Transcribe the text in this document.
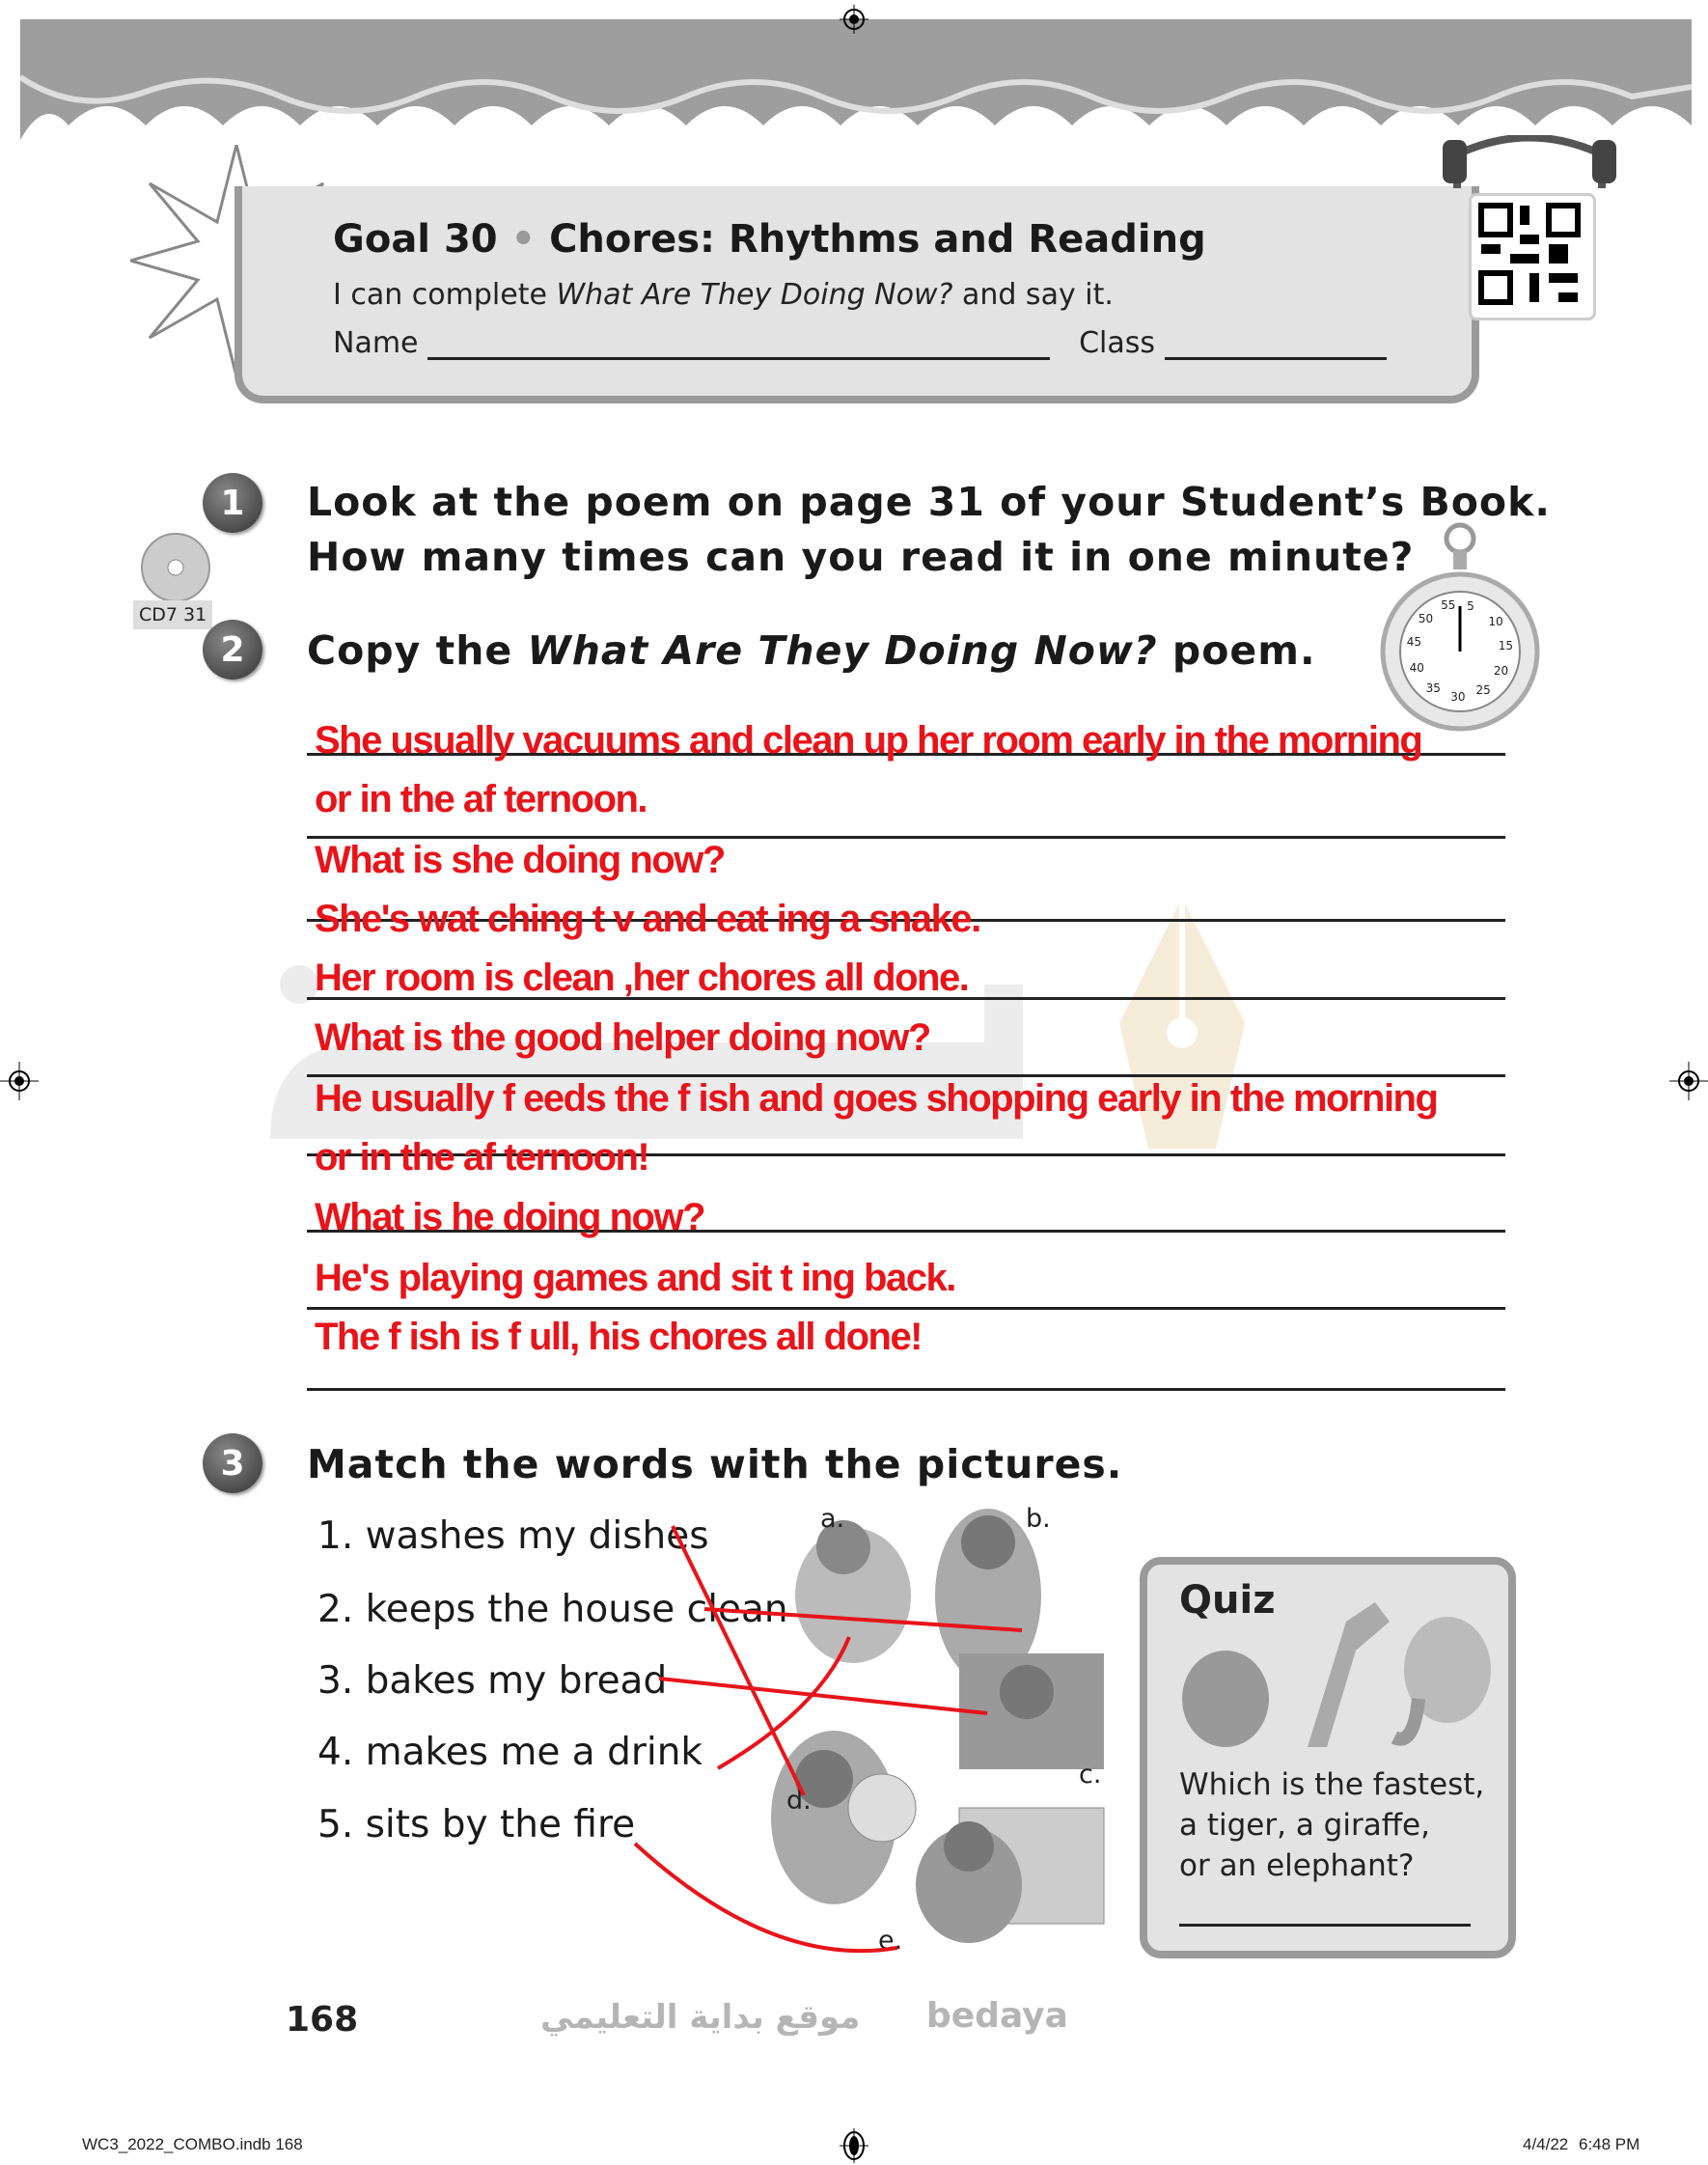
Goal 30 • Chores: Rhythms and Reading
I can complete What Are They Doing Now? and say it.
Name	Class
موقع بداية التعليمي bedaya
1	Look at the poem on page 31 of your Student’s Book.
How many times can you read it in one minute?
CD7 31
2	Copy the What Are They Doing Now? poem.
55 5
10
15
20
25
30
35
40
45
50
She usually vacuums and clean up her room early in the morning
or in the af ternoon.
What is she doing now?
She's wat ching t v and eat ing a snake.
Her room is clean ,her chores all done.
What is the good helper doing now?
He usually f eeds the f ish and goes shopping early in the morning
or in the af ternoon!
What is he doing now?
He's playing games and sit t ing back.
The f ish is f ull, his chores all done!
3	Match the words with the pictures.
1. washes my dishes
2. keeps the house clean
3. bakes my bread
4. makes me a drink
5. sits by the fire
a.	b.
c.
d.
e.
Quiz
Which is the fastest,
a tiger, a giraffe,
or an elephant?
168
WC3_2022_COMBO.indb 168	4/4/22 6:48 PM
